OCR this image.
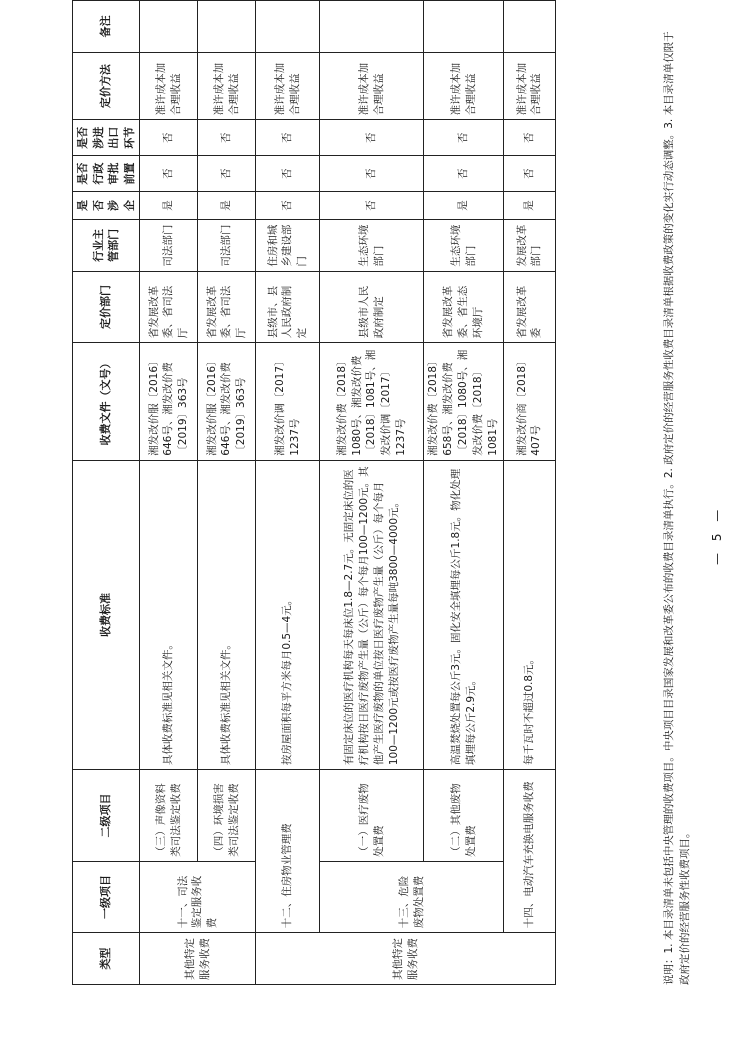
类型	一级项目	二级项目	收费标准	收费文件（文号）	定价部门	行业主管部门	是否涉企	是否行政审批前置	是否涉进出口环节	定价方法	备注
其他特定服务收费	十一、司法鉴定服务收费	（三）声像资料类司法鉴定收费	具体收费标准见相关文件。	湘发改价服〔2016〕646号、湘发改价费〔2019〕363号	省发展改革委、省司法厅	司法部门	是	否	否	准许成本加合理收益	
		（四）环境损害类司法鉴定收费	具体收费标准见相关文件。	湘发改价服〔2016〕646号、湘发改价费〔2019〕363号	省发展改革委、省司法厅	司法部门	是	否	否	准许成本加合理收益	
其他特定服务收费	十二、住房物业管理费		按房屋面积每平方米每月0.5—4元。	湘发改价调〔2017〕1237号	县级市、县人民政府制定	住房和城乡建设部门	否	否	否	准许成本加合理收益	
	十三、危险废物处置费	（一）医疗废物处置费	有固定床位的医疗机构每天每床位1.8—2.7元。无固定床位的医疗机构按日医疗废物产生量（公斤）每个每月100—1200元。其他产生医疗废物的单位按日医疗废物产生量（公斤）每个每月100—1200元或按医疗废物产生量每吨3800—4000元。	湘发改价费〔2018〕1080号、湘发改价费〔2018〕1081号、湘发改价调〔2017〕1237号	县级市人民政府制定	生态环境部门	否	否	否	准许成本加合理收益	
		（二）其他废物处置费	高温焚烧处置每公斤3元。固化安全填埋每公斤1.8元。物化处理填埋每公斤2.9元。	湘发改价费〔2018〕658号、湘发改价费〔2018〕1080号、湘发改价费〔2018〕1081号	省发展改革委、省生态环境厅	生态环境部门	是	否	否	准许成本加合理收益	
	十四、电动汽车充换电服务收费		每千瓦时不超过0.8元。	湘发改价商〔2018〕407号	省发展改革委	发展改革部门	是	否	否	准许成本加合理收益		说明：1. 本目录清单未包括中央管理的收费项目。中央项目目录国家发展和改革委公布的收费目录清单执行。2. 政府定价的经营服务性收费目录清单根据收费政策的变化实行动态调整。3. 本目录清单仅限于政府定价的经营服务性收费项目。
— 5 —
